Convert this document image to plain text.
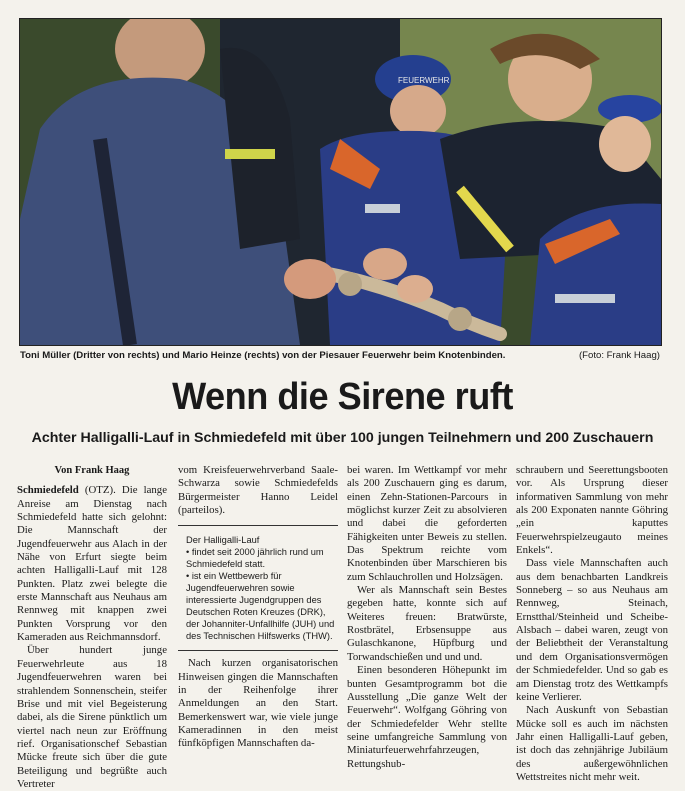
FEUERWEHR
Toni Müller (Dritter von rechts) und Mario Heinze (rechts) von der Piesauer Feuerwehr beim Knotenbinden.	(Foto: Frank Haag)
Wenn die Sirene ruft
Achter Halligalli-Lauf in Schmiedefeld mit über 100 jungen Teilnehmern und 200 Zuschauern
Von Frank Haag

Schmiedefeld (OTZ). Die lange Anreise am Dienstag nach Schmiedefeld hatte sich gelohnt: Die Mannschaft der Jugendfeuerwehr aus Alach in der Nähe von Erfurt siegte beim achten Halligalli-Lauf mit 128 Punkten. Platz zwei belegte die erste Mannschaft aus Neuhaus am Rennweg mit knappen zwei Punkten Vorsprung vor den Kameraden aus Reichmannsdorf.

Über hundert junge Feuerwehrleute aus 18 Jugendfeuerwehren waren bei strahlendem Sonnenschein, steifer Brise und mit viel Begeisterung dabei, als die Sirene pünktlich um viertel nach neun zur Eröffnung rief. Organisationschef Sebastian Mücke freute sich über die gute Beteiligung und begrüßte auch Vertreter

vom Kreisfeuerwehrverband Saale-Schwarza sowie Schmiedefelds Bürgermeister Hanno Leidel (parteilos).

Der Halligalli-Lauf
• findet seit 2000 jährlich rund um Schmiedefeld statt.
• ist ein Wettbewerb für Jugendfeuerwehren sowie interessierte Jugendgruppen des Deutschen Roten Kreuzes (DRK), der Johanniter-Unfallhilfe (JUH) und des Technischen Hilfswerks (THW).

Nach kurzen organisatorischen Hinweisen gingen die Mannschaften in der Reihenfolge ihrer Anmeldungen an den Start. Bemerkenswert war, wie viele junge Kameradinnen in den meist fünfköpfigen Mannschaften da-

bei waren. Im Wettkampf vor mehr als 200 Zuschauern ging es darum, einen Zehn-Stationen-Parcours in möglichst kurzer Zeit zu absolvieren und dabei die geforderten Fähigkeiten unter Beweis zu stellen. Das Spektrum reichte vom Knotenbinden über Marschieren bis zum Schlauchrollen und Holzsägen.

Wer als Mannschaft sein Bestes gegeben hatte, konnte sich auf Weiteres freuen: Bratwürste, Rostbrätel, Erbsensuppe aus Gulaschkanone, Hüpfburg und Torwandschießen und und und.

Einen besonderen Höhepunkt im bunten Gesamtprogramm bot die Ausstellung „Die ganze Welt der Feuerwehr“. Wolfgang Göhring von der Schmiedefelder Wehr stellte seine umfangreiche Sammlung von Miniaturfeuerwehrfahrzeugen, Rettungshub-

schraubern und Seerettungsbooten vor. Als Ursprung dieser informativen Sammlung von mehr als 200 Exponaten nannte Göhring „ein kaputtes Feuerwehrspielzeugauto meines Enkels“.

Dass viele Mannschaften auch aus dem benachbarten Landkreis Sonneberg – so aus Neuhaus am Rennweg, Steinach, Ernstthal/Steinheid und Scheibe-Alsbach – dabei waren, zeugt von der Beliebtheit der Veranstaltung und dem Organisationsvermögen der Schmiedefelder. Und so gab es am Dienstag trotz des Wettkampfs keine Verlierer.

Nach Auskunft von Sebastian Mücke soll es auch im nächsten Jahr einen Halligalli-Lauf geben, ist doch das zehnjährige Jubiläum des außergewöhnlichen Wettstreites nicht mehr weit.
